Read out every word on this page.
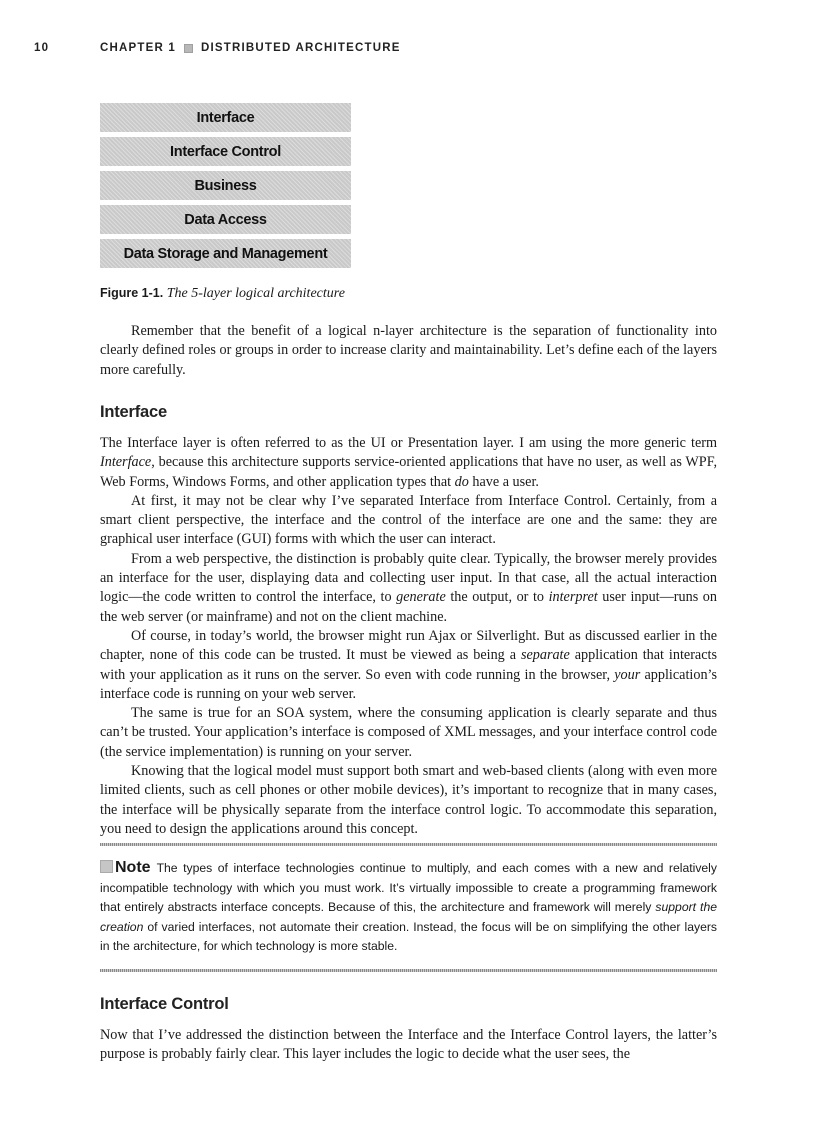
10	CHAPTER 1 DISTRIBUTED ARCHITECTURE
Interface
Interface Control
Business
Data Access
Data Storage and Management
Figure 1-1. The 5-layer logical architecture

Remember that the benefit of a logical n-layer architecture is the separation of functionality into clearly defined roles or groups in order to increase clarity and maintainability. Let’s define each of the layers more carefully.

Interface

The Interface layer is often referred to as the UI or Presentation layer. I am using the more generic term Interface, because this architecture supports service-oriented applications that have no user, as well as WPF, Web Forms, Windows Forms, and other application types that do have a user.

At first, it may not be clear why I’ve separated Interface from Interface Control. Certainly, from a smart client perspective, the interface and the control of the interface are one and the same: they are graphical user interface (GUI) forms with which the user can interact.

From a web perspective, the distinction is probably quite clear. Typically, the browser merely provides an interface for the user, displaying data and collecting user input. In that case, all the actual interaction logic—the code written to control the interface, to generate the output, or to interpret user input—runs on the web server (or mainframe) and not on the client machine.

Of course, in today’s world, the browser might run Ajax or Silverlight. But as discussed earlier in the chapter, none of this code can be trusted. It must be viewed as being a separate application that interacts with your application as it runs on the server. So even with code running in the browser, your application’s interface code is running on your web server.

The same is true for an SOA system, where the consuming application is clearly separate and thus can’t be trusted. Your application’s interface is composed of XML messages, and your interface control code (the service implementation) is running on your server.

Knowing that the logical model must support both smart and web-based clients (along with even more limited clients, such as cell phones or other mobile devices), it’s important to recognize that in many cases, the interface will be physically separate from the interface control logic. To accommodate this separation, you need to design the applications around this concept.

Note The types of interface technologies continue to multiply, and each comes with a new and relatively incompatible technology with which you must work. It’s virtually impossible to create a programming framework that entirely abstracts interface concepts. Because of this, the architecture and framework will merely support the creation of varied interfaces, not automate their creation. Instead, the focus will be on simplifying the other layers in the architecture, for which technology is more stable.
Interface Control

Now that I’ve addressed the distinction between the Interface and the Interface Control layers, the latter’s purpose is probably fairly clear. This layer includes the logic to decide what the user sees, the
